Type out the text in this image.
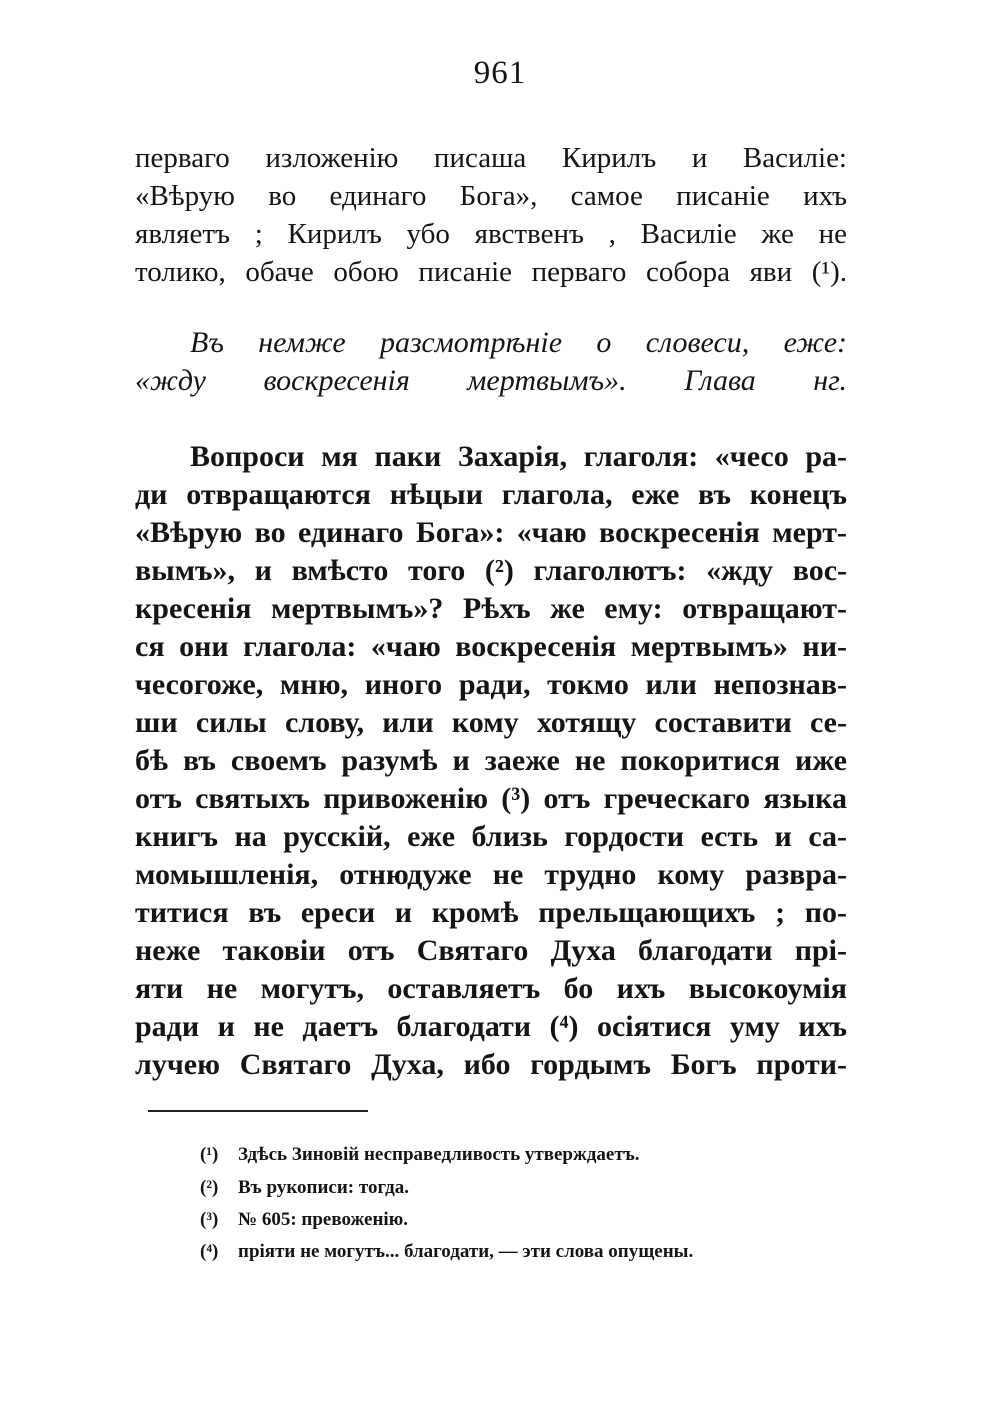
961
перваго изложенію писаша Кирилъ и Василіе:
«Вѣрую во единаго Бога», самое писаніе ихъ
являетъ ; Кирилъ убо явственъ , Василіе же не
толико, обаче обою писаніе перваго собора яви (¹).
Въ немже разсмотрѣніе о словеси, еже:
«жду воскресенія мертвымъ». Глава нг.
Вопроси мя паки Захарія, глаголя: «чесо ра-
ди отвращаются нѣцыи глагола, еже въ конецъ
«Вѣрую во единаго Бога»: «чаю воскресенія мерт-
вымъ», и вмѣсто того (²) глаголютъ: «жду вос-
кресенія мертвымъ»? Рѣхъ же ему: отвращают-
ся они глагола: «чаю воскресенія мертвымъ» ни-
чесогоже, мню, иного ради, токмо или непознав-
ши силы слову, или кому хотящу составити се-
бѣ въ своемъ разумѣ и заеже не покоритися иже
отъ святыхъ привоженію (³) отъ греческаго языка
книгъ на русскій, еже близь гордости есть и са-
момышленія, отнюдуже не трудно кому разврa-
титися въ ереси и кромѣ прельщающихъ ; по-
неже таковіи отъ Святаго Духа благодати прі-
яти не могутъ, оставляетъ бо ихъ высокоумія
ради и не даетъ благодати (⁴) осіятися уму ихъ
лучею Святаго Духа, ибо гордымъ Богъ проти-
(¹) Здѣсь Зиновій несправедливость утверждаетъ.
(²) Въ рукописи: тогда.
(³) № 605: превоженію.
(⁴) пріяти не могутъ... благодати, — эти слова опущены.
